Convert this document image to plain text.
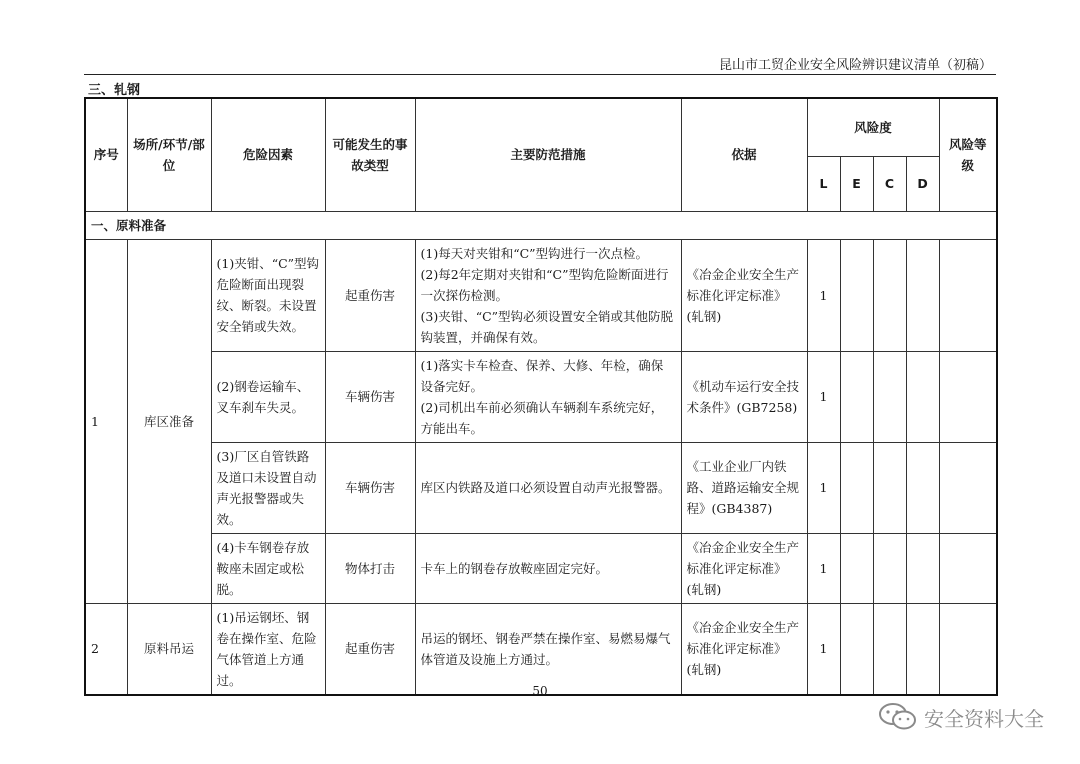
昆山市工贸企业安全风险辨识建议清单（初稿）
三、轧钢
序号	场所/环节/部位	危险因素	可能发生的事故类型	主要防范措施	依据	风险度				风险等级
						L	E	C	D	
一、原料准备										
1	库区准备	(1)夹钳、“C”型钩危险断面出现裂纹、断裂。未设置安全销或失效。	起重伤害	(1)每天对夹钳和“C”型钩进行一次点检。
(2)每2年定期对夹钳和“C”型钩危险断面进行一次探伤检测。
(3)夹钳、“C”型钩必须设置安全销或其他防脱钩装置，并确保有效。	《冶金企业安全生产标准化评定标准》(轧钢)	1				
		(2)钢卷运输车、叉车刹车失灵。	车辆伤害	(1)落实卡车检查、保养、大修、年检，确保设备完好。
(2)司机出车前必须确认车辆刹车系统完好，方能出车。	《机动车运行安全技术条件》(GB7258)	1				
		(3)厂区自管铁路及道口未设置自动声光报警器或失效。	车辆伤害	库区内铁路及道口必须设置自动声光报警器。	《工业企业厂内铁路、道路运输安全规程》(GB4387)	1				
		(4)卡车钢卷存放鞍座未固定或松脱。	物体打击	卡车上的钢卷存放鞍座固定完好。	《冶金企业安全生产标准化评定标准》(轧钢)	1				
2	原料吊运	(1)吊运钢坯、钢卷在操作室、危险气体管道上方通过。	起重伤害	吊运的钢坯、钢卷严禁在操作室、易燃易爆气体管道及设施上方通过。	《冶金企业安全生产标准化评定标准》(轧钢)	1				
50
安全资料大全
